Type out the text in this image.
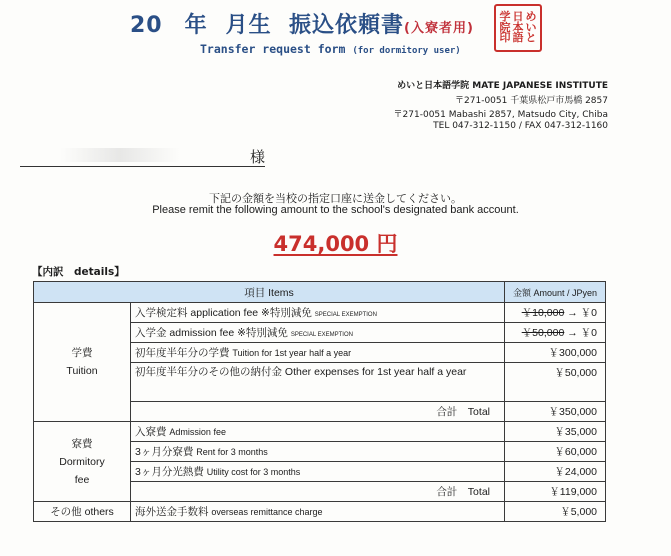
20 年 月生 振込依頼書(入寮者用)
Transfer request form (for dormitory user)
め
い
と
日
本
語
学
院
印
めいと日本語学院 MATE JAPANESE INSTITUTE
〒271-0051 千葉県松戸市馬橋 2857
〒271-0051 Mabashi 2857, Matsudo City, Chiba
TEL 047-312-1150 / FAX 047-312-1160
様
下記の金額を当校の指定口座に送金してください。
Please remit the following amount to the school's designated bank account.
474,000 円
【内訳　details】
項目 Items		金額 Amount / JPyen

学費
Tuition	入学検定料 application fee ※特別減免 SPECIAL EXEMPTION	￥10,000 → ￥0
	入学金 admission fee ※特別減免 SPECIAL EXEMPTION	￥50,000 → ￥0
	初年度半年分の学費 Tuition for 1st year half a year	￥300,000
	初年度半年分のその他の納付金 Other expenses for 1st year half a year	￥50,000
	合計　Total	￥350,000

寮費
Dormitory
fee	入寮費 Admission fee	￥35,000
	3ヶ月分寮費 Rent for 3 months	￥60,000
	3ヶ月分光熱費 Utility cost for 3 months	￥24,000
	合計　Total	￥119,000
その他 others	海外送金手数料 overseas remittance charge	￥5,000
